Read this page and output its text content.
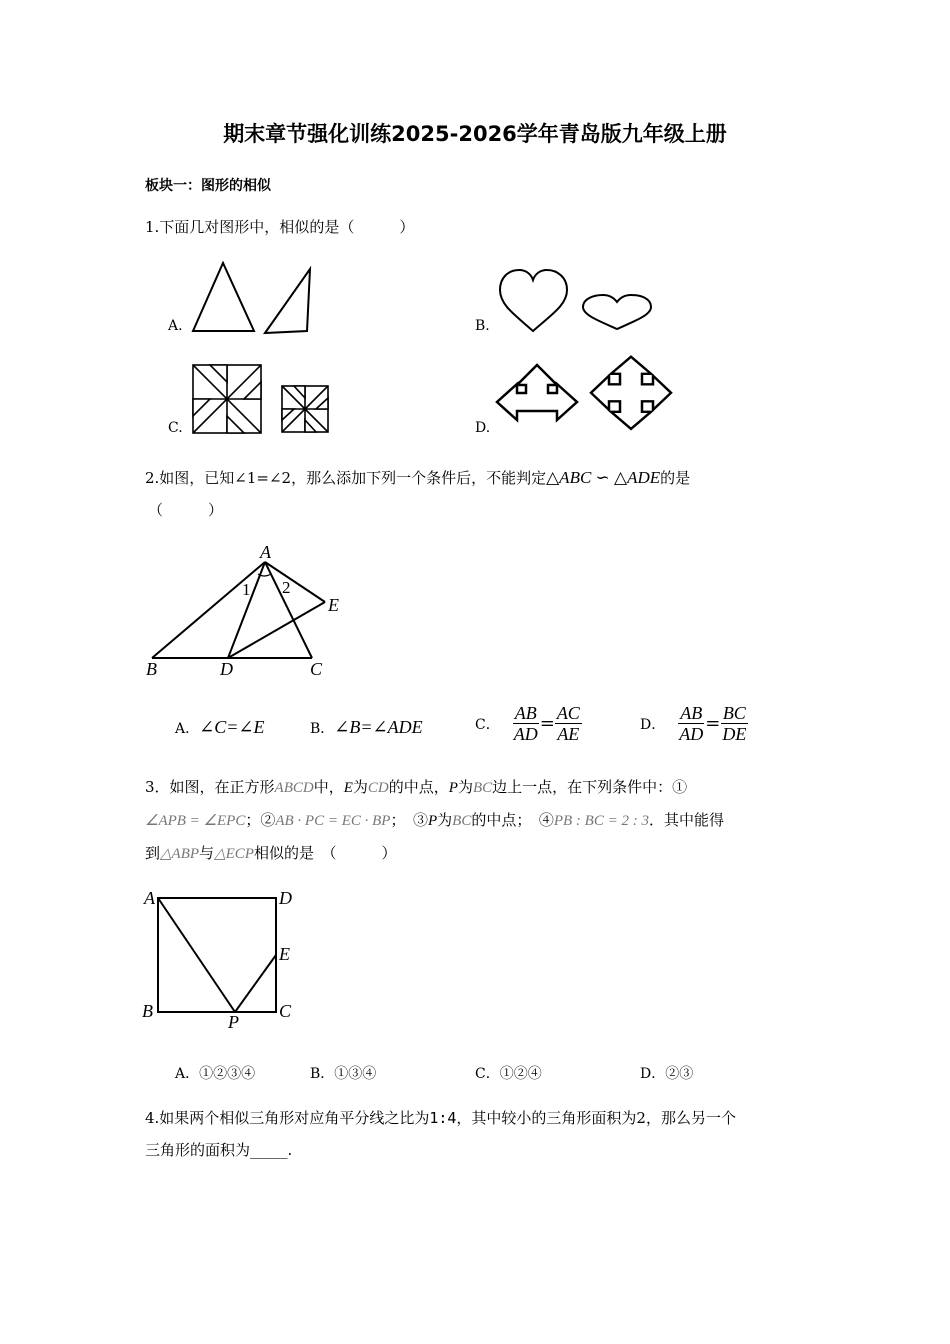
期末章节强化训练2025-2026学年青岛版九年级上册
板块一：图形的相似
1.下面几对图形中，相似的是（　　　）
A.	B.
C.	D.
2.如图，已知∠1=∠2，那么添加下列一个条件后，不能判定△ABC ∽ △ADE的是
（　　　）
A
B	D	C
E
1 2
A．∠C=∠E	B．∠B=∠ADE	C． $\frac{AB}{AD} = \frac{AC}{AE}$	D． $\frac{AB}{AD} = \frac{BC}{DE}$
3．如图，在正方形ABCD中，E为CD的中点，P为BC边上一点，在下列条件中：①
∠APB = ∠EPC；②AB · PC = EC · BP；　③P为BC的中点；　④PB : BC = 2 : 3．其中能得
到△ABP与△ECP相似的是　（　　　）
A	D
E
B	C
P
A．①②③④	B．①③④	C．①②④	D．②③
4.如果两个相似三角形对应角平分线之比为1:4，其中较小的三角形面积为2，那么另一个
三角形的面积为_____.
